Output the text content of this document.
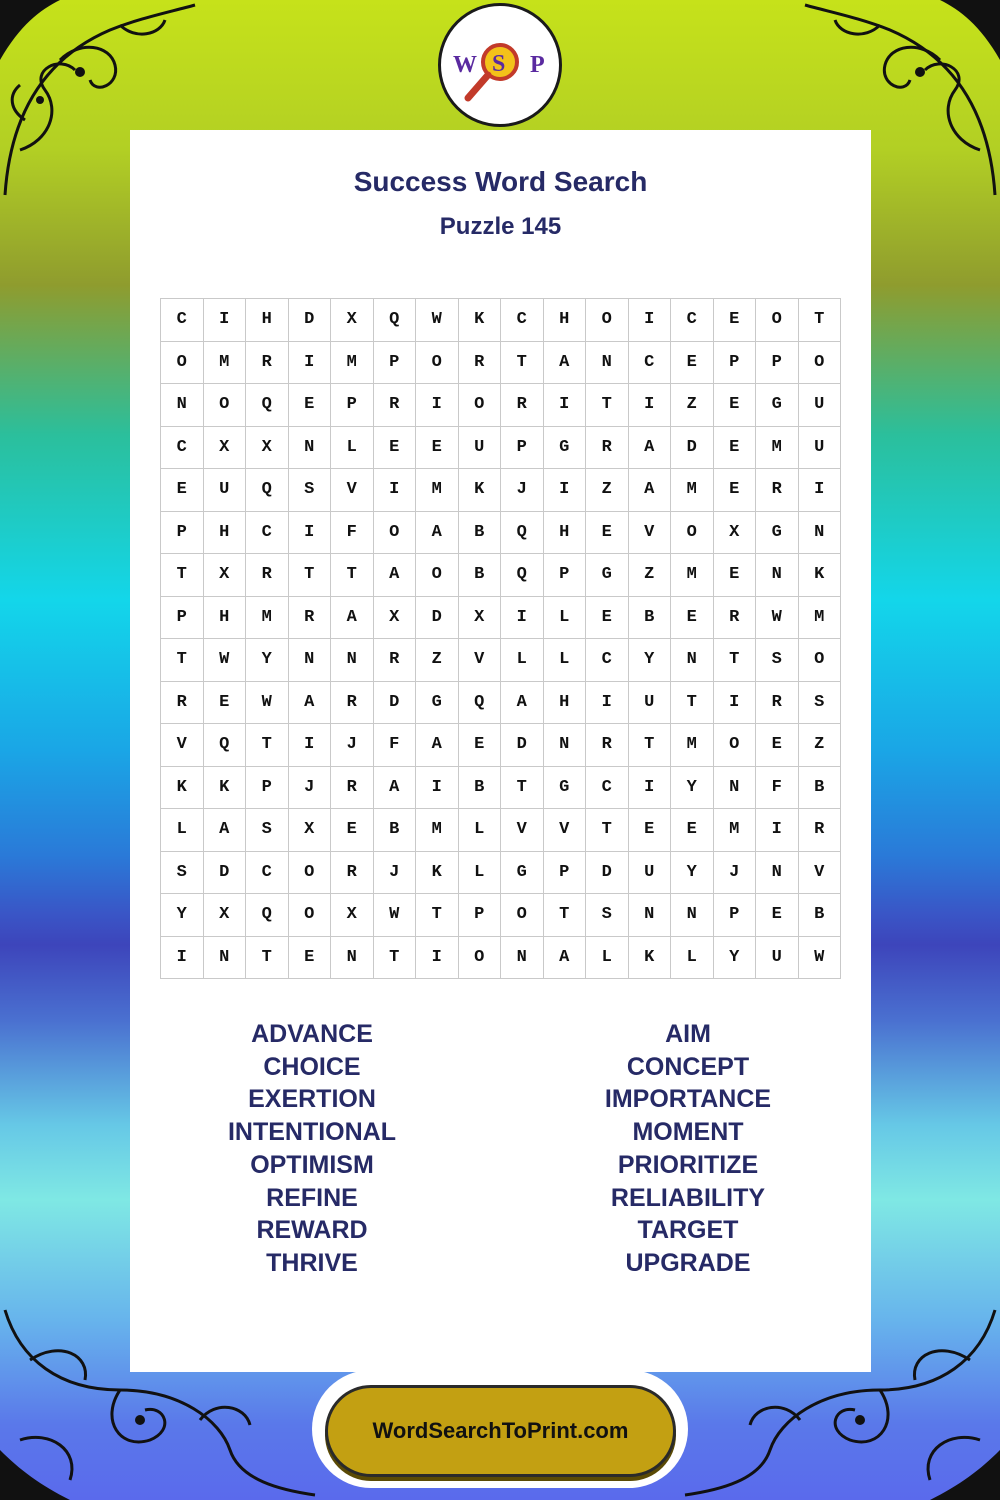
W S P
Success Word Search
Puzzle 145
C	I	H	D	X	Q	W	K	C	H	O	I	C	E	O	T
O	M	R	I	M	P	O	R	T	A	N	C	E	P	P	O
N	O	Q	E	P	R	I	O	R	I	T	I	Z	E	G	U
C	X	X	N	L	E	E	U	P	G	R	A	D	E	M	U
E	U	Q	S	V	I	M	K	J	I	Z	A	M	E	R	I
P	H	C	I	F	O	A	B	Q	H	E	V	O	X	G	N
T	X	R	T	T	A	O	B	Q	P	G	Z	M	E	N	K
P	H	M	R	A	X	D	X	I	L	E	B	E	R	W	M
T	W	Y	N	N	R	Z	V	L	L	C	Y	N	T	S	O
R	E	W	A	R	D	G	Q	A	H	I	U	T	I	R	S
V	Q	T	I	J	F	A	E	D	N	R	T	M	O	E	Z
K	K	P	J	R	A	I	B	T	G	C	I	Y	N	F	B
L	A	S	X	E	B	M	L	V	V	T	E	E	M	I	R
S	D	C	O	R	J	K	L	G	P	D	U	Y	J	N	V
Y	X	Q	O	X	W	T	P	O	T	S	N	N	P	E	B
I	N	T	E	N	T	I	O	N	A	L	K	L	Y	U	W
ADVANCE
CHOICE
EXERTION
INTENTIONAL
OPTIMISM
REFINE
REWARD
THRIVE
AIM
CONCEPT
IMPORTANCE
MOMENT
PRIORITIZE
RELIABILITY
TARGET
UPGRADE
WordSearchToPrint.com
